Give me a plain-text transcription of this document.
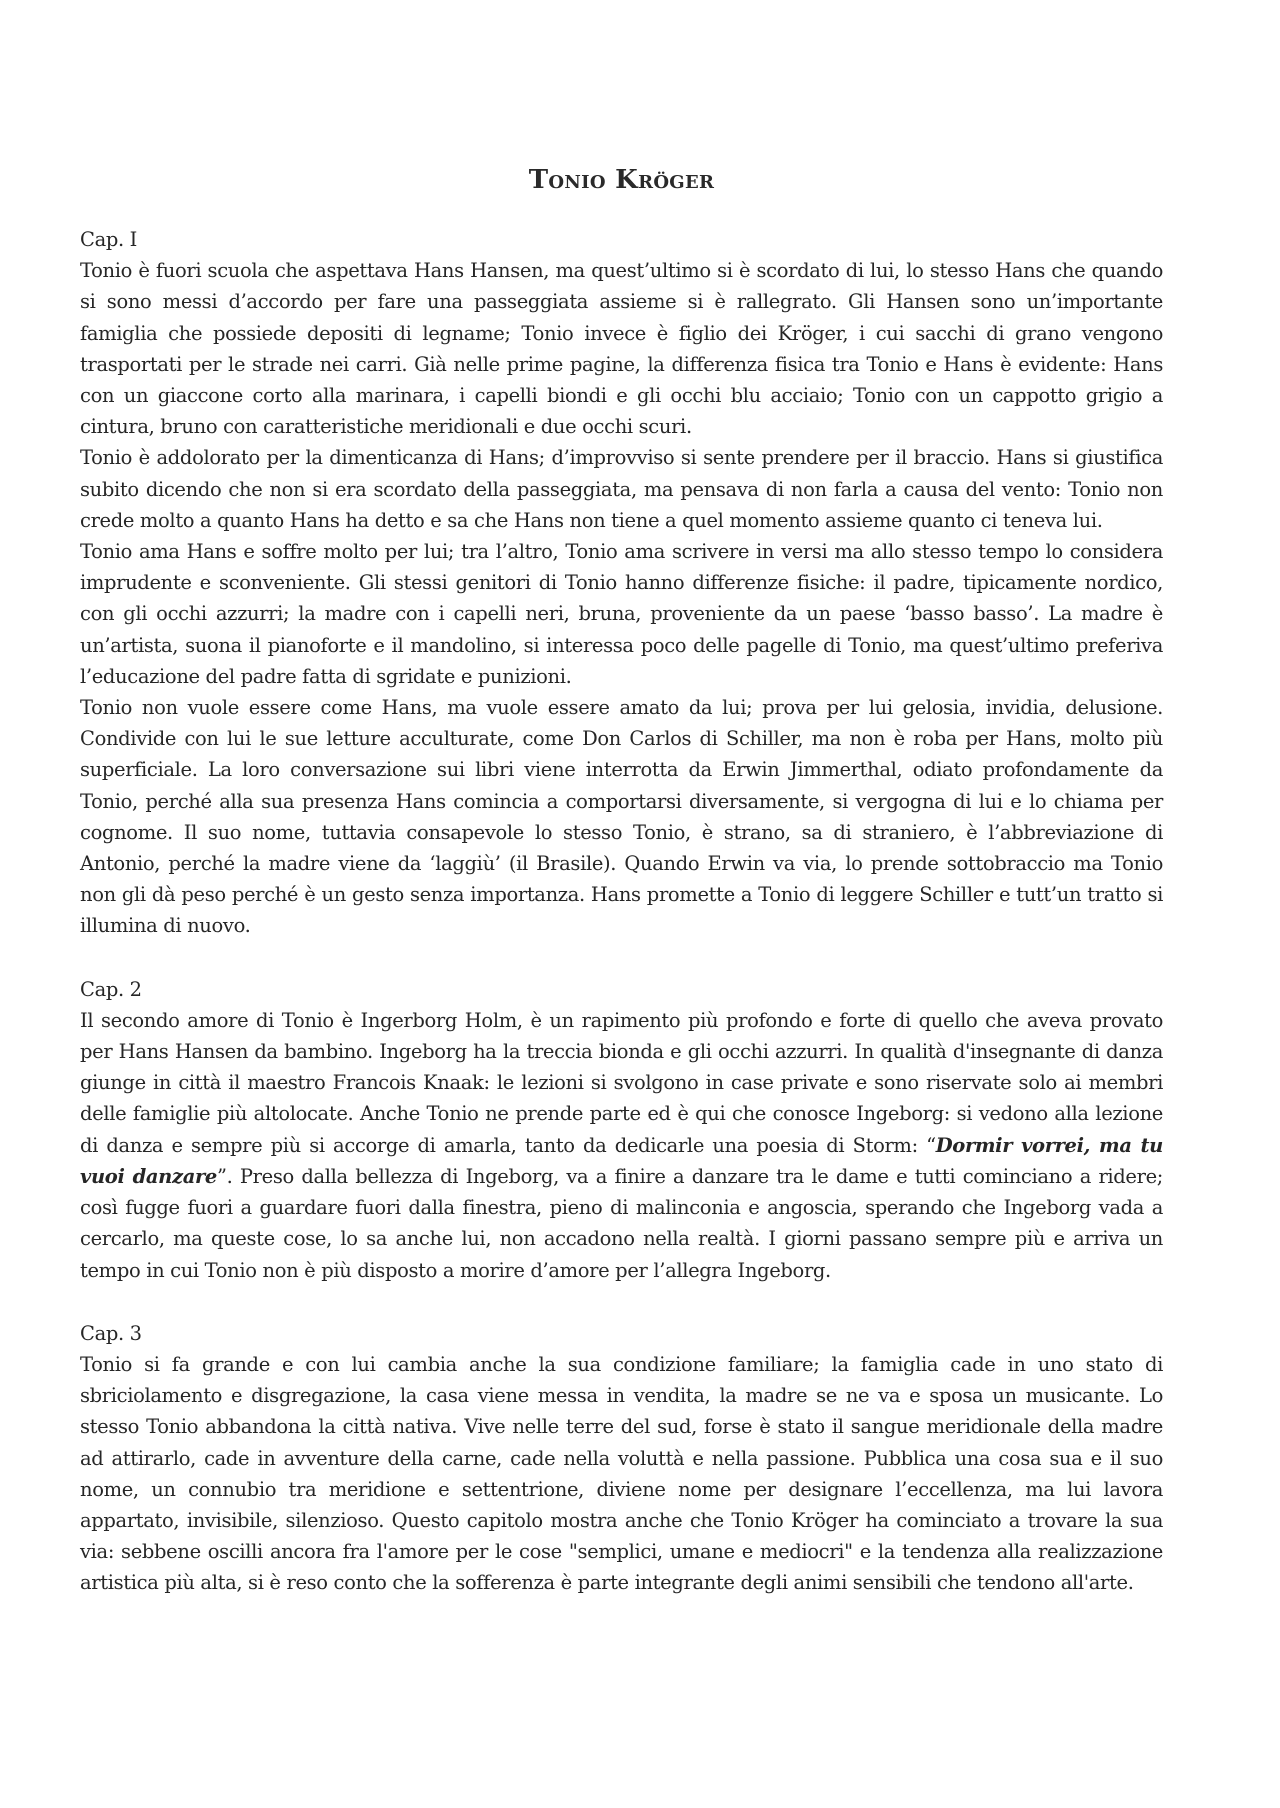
Tonio Kröger

Cap. I

Tonio è fuori scuola che aspettava Hans Hansen, ma quest’ultimo si è scordato di lui, lo stesso Hans che quando si sono messi d’accordo per fare una passeggiata assieme si è rallegrato. Gli Hansen sono un’importante famiglia che possiede depositi di legname; Tonio invece è figlio dei Kröger, i cui sacchi di grano vengono trasportati per le strade nei carri. Già nelle prime pagine, la differenza fisica tra Tonio e Hans è evidente: Hans con un giaccone corto alla marinara, i capelli biondi e gli occhi blu acciaio; Tonio con un cappotto grigio a cintura, bruno con caratteristiche meridionali e due occhi scuri.

Tonio è addolorato per la dimenticanza di Hans; d’improvviso si sente prendere per il braccio. Hans si giustifica subito dicendo che non si era scordato della passeggiata, ma pensava di non farla a causa del vento: Tonio non crede molto a quanto Hans ha detto e sa che Hans non tiene a quel momento assieme quanto ci teneva lui.

Tonio ama Hans e soffre molto per lui; tra l’altro, Tonio ama scrivere in versi ma allo stesso tempo lo considera imprudente e sconveniente. Gli stessi genitori di Tonio hanno differenze fisiche: il padre, tipicamente nordico, con gli occhi azzurri; la madre con i capelli neri, bruna, proveniente da un paese ‘basso basso’. La madre è un’artista, suona il pianoforte e il mandolino, si interessa poco delle pagelle di Tonio, ma quest’ultimo preferiva l’educazione del padre fatta di sgridate e punizioni.

Tonio non vuole essere come Hans, ma vuole essere amato da lui; prova per lui gelosia, invidia, delusione. Condivide con lui le sue letture acculturate, come Don Carlos di Schiller, ma non è roba per Hans, molto più superficiale. La loro conversazione sui libri viene interrotta da Erwin Jimmerthal, odiato profondamente da Tonio, perché alla sua presenza Hans comincia a comportarsi diversamente, si vergogna di lui e lo chiama per cognome. Il suo nome, tuttavia consapevole lo stesso Tonio, è strano, sa di straniero, è l’abbreviazione di Antonio, perché la madre viene da ‘laggiù’ (il Brasile). Quando Erwin va via, lo prende sottobraccio ma Tonio non gli dà peso perché è un gesto senza importanza. Hans promette a Tonio di leggere Schiller e tutt’un tratto si illumina di nuovo.

Cap. 2

Il secondo amore di Tonio è Ingerborg Holm, è un rapimento più profondo e forte di quello che aveva provato per Hans Hansen da bambino. Ingeborg ha la treccia bionda e gli occhi azzurri. In qualità d'insegnante di danza giunge in città il maestro Francois Knaak: le lezioni si svolgono in case private e sono riservate solo ai membri delle famiglie più altolocate. Anche Tonio ne prende parte ed è qui che conosce Ingeborg: si vedono alla lezione di danza e sempre più si accorge di amarla, tanto da dedicarle una poesia di Storm: “Dormir vorrei, ma tu vuoi danzare”. Preso dalla bellezza di Ingeborg, va a finire a danzare tra le dame e tutti cominciano a ridere; così fugge fuori a guardare fuori dalla finestra, pieno di malinconia e angoscia, sperando che Ingeborg vada a cercarlo, ma queste cose, lo sa anche lui, non accadono nella realtà. I giorni passano sempre più e arriva un tempo in cui Tonio non è più disposto a morire d’amore per l’allegra Ingeborg.

Cap. 3

Tonio si fa grande e con lui cambia anche la sua condizione familiare; la famiglia cade in uno stato di sbriciolamento e disgregazione, la casa viene messa in vendita, la madre se ne va e sposa un musicante. Lo stesso Tonio abbandona la città nativa. Vive nelle terre del sud, forse è stato il sangue meridionale della madre ad attirarlo, cade in avventure della carne, cade nella voluttà e nella passione. Pubblica una cosa sua e il suo nome, un connubio tra meridione e settentrione, diviene nome per designare l’eccellenza, ma lui lavora appartato, invisibile, silenzioso. Questo capitolo mostra anche che Tonio Kröger ha cominciato a trovare la sua via: sebbene oscilli ancora fra l'amore per le cose "semplici, umane e mediocri" e la tendenza alla realizzazione artistica più alta, si è reso conto che la sofferenza è parte integrante degli animi sensibili che tendono all'arte.
